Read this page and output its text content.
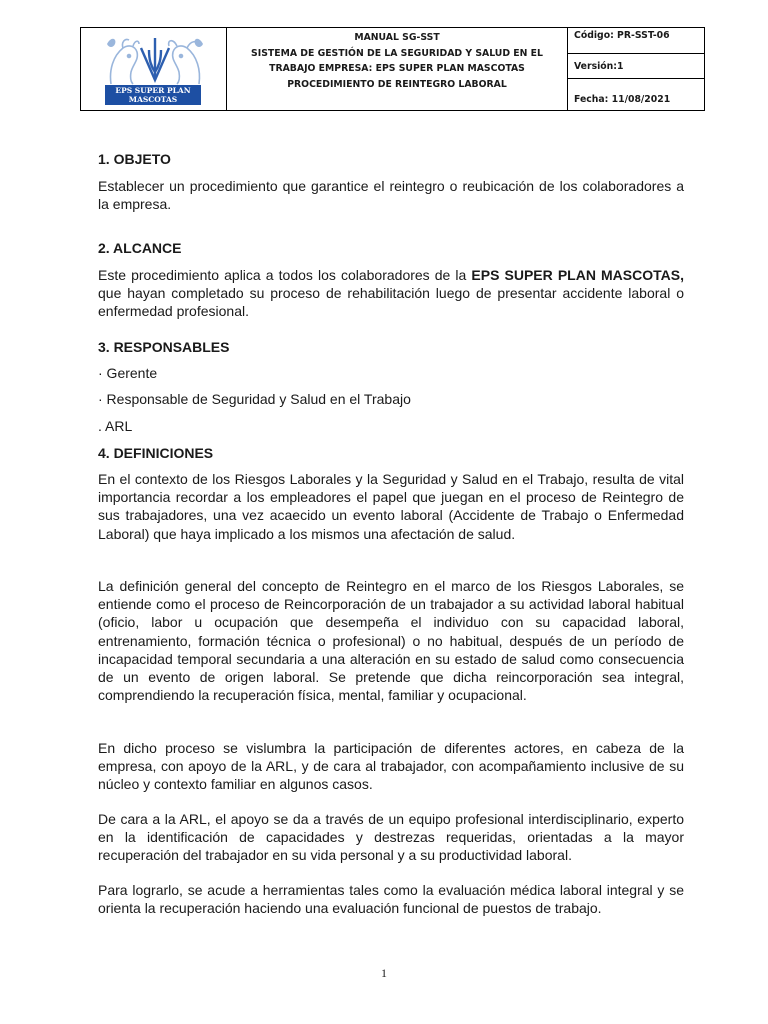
EPS SUPER PLAN
MASCOTAS
MANUAL SG-SST
SISTEMA DE GESTIÓN DE LA SEGURIDAD Y SALUD EN EL
TRABAJO EMPRESA: EPS SUPER PLAN MASCOTAS
PROCEDIMIENTO DE REINTEGRO LABORAL
Código: PR-SST-06
Versión:1
Fecha: 11/08/2021
1. OBJETO

Establecer un procedimiento que garantice el reintegro o reubicación de los colaboradores a la empresa.

2. ALCANCE

Este procedimiento aplica a todos los colaboradores de la EPS SUPER PLAN MASCOTAS, que hayan completado su proceso de rehabilitación luego de presentar accidente laboral o enfermedad profesional.

3. RESPONSABLES
· Gerente
· Responsable de Seguridad y Salud en el Trabajo
. ARL
4. DEFINICIONES

En el contexto de los Riesgos Laborales y la Seguridad y Salud en el Trabajo, resulta de vital importancia recordar a los empleadores el papel que juegan en el proceso de Reintegro de sus trabajadores, una vez acaecido un evento laboral (Accidente de Trabajo o Enfermedad Laboral) que haya implicado a los mismos una afectación de salud.

La definición general del concepto de Reintegro en el marco de los Riesgos Laborales, se entiende como el proceso de Reincorporación de un trabajador a su actividad laboral habitual (oficio, labor u ocupación que desempeña el individuo con su capacidad laboral, entrenamiento, formación técnica o profesional) o no habitual, después de un período de incapacidad temporal secundaria a una alteración en su estado de salud como consecuencia de un evento de origen laboral. Se pretende que dicha reincorporación sea integral, comprendiendo la recuperación física, mental, familiar y ocupacional.

En dicho proceso se vislumbra la participación de diferentes actores, en cabeza de la empresa, con apoyo de la ARL, y de cara al trabajador, con acompañamiento inclusive de su núcleo y contexto familiar en algunos casos.

De cara a la ARL, el apoyo se da a través de un equipo profesional interdisciplinario, experto en la identificación de capacidades y destrezas requeridas, orientadas a la mayor recuperación del trabajador en su vida personal y a su productividad laboral.

Para lograrlo, se acude a herramientas tales como la evaluación médica laboral integral y se orienta la recuperación haciendo una evaluación funcional de puestos de trabajo.

1
